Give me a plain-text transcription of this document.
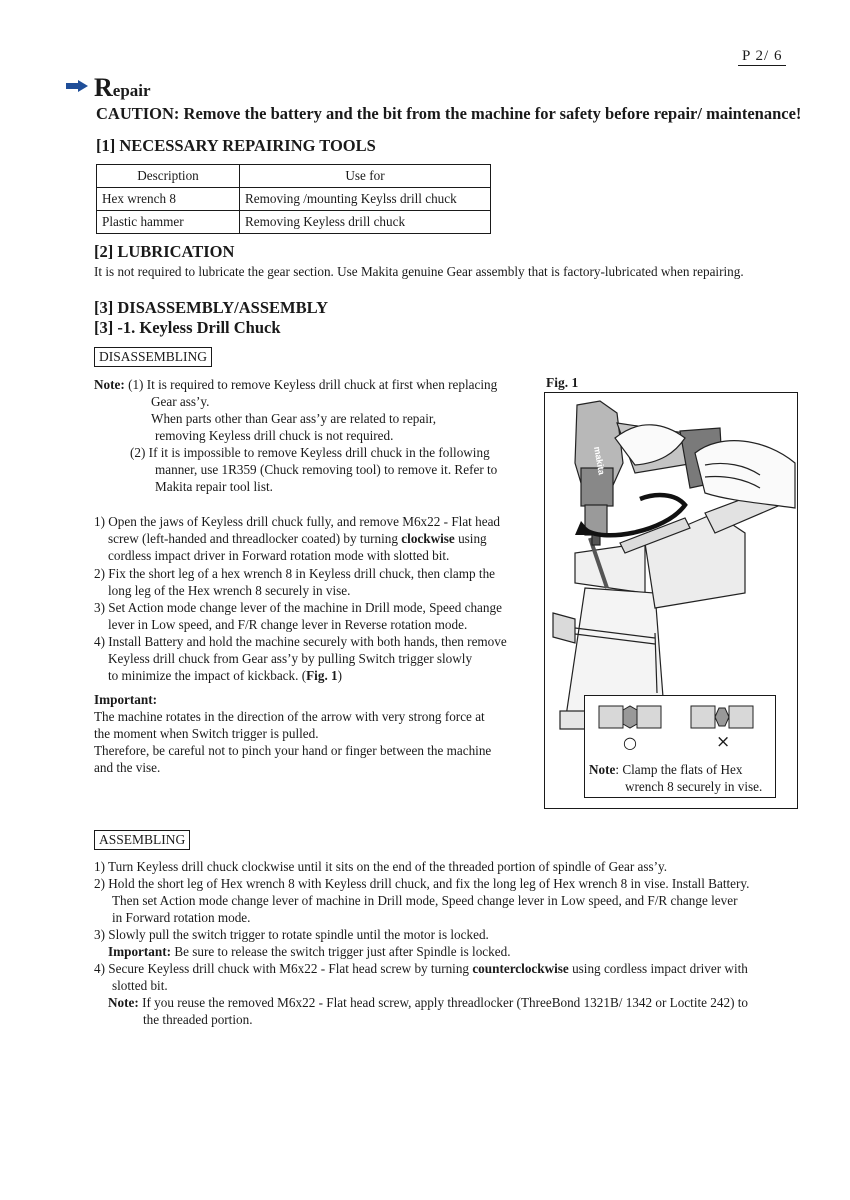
P 2/ 6
Repair
CAUTION: Remove the battery and the bit from the machine for safety before repair/ maintenance!
[1] NECESSARY REPAIRING TOOLS
Description	Use for
Hex wrench 8	Removing /mounting Keylss drill chuck
Plastic hammer	Removing Keyless drill chuck
[2] LUBRICATION
It is not required to lubricate the gear section. Use Makita genuine Gear assembly that is factory-lubricated when repairing.
[3] DISASSEMBLY/ASSEMBLY
[3] -1. Keyless Drill Chuck
DISASSEMBLING
Note: (1) It is required to remove Keyless drill chuck at first when replacing
Gear ass’y.
When parts other than Gear ass’y are related to repair,
removing Keyless drill chuck is not required.
(2) If it is impossible to remove Keyless drill chuck in the following
manner, use 1R359 (Chuck removing tool) to remove it. Refer to
Makita repair tool list.
1) Open the jaws of Keyless drill chuck fully, and remove M6x22 - Flat head
screw (left-handed and threadlocker coated) by turning clockwise using
cordless impact driver in Forward rotation mode with slotted bit.
2) Fix the short leg of a hex wrench 8 in Keyless drill chuck, then clamp the
long leg of the Hex wrench 8 securely in vise.
3) Set Action mode change lever of the machine in Drill mode, Speed change
lever in Low speed, and F/R change lever in Reverse rotation mode.
4) Install Battery and hold the machine securely with both hands, then remove
Keyless drill chuck from Gear ass’y by pulling Switch trigger slowly
to minimize the impact of kickback. (Fig. 1)
Important:
The machine rotates in the direction of the arrow with very strong force at
the moment when Switch trigger is pulled.
Therefore, be careful not to pinch your hand or finger between the machine
and the vise.
Fig. 1
makita
○	×
Note: Clamp the flats of Hex
wrench 8 securely in vise.
ASSEMBLING
1) Turn Keyless drill chuck clockwise until it sits on the end of the threaded portion of spindle of Gear ass’y.
2) Hold the short leg of Hex wrench 8 with Keyless drill chuck, and fix the long leg of Hex wrench 8 in vise. Install Battery.
Then set Action mode change lever of machine in Drill mode, Speed change lever in Low speed, and F/R change lever
in Forward rotation mode.
3) Slowly pull the switch trigger to rotate spindle until the motor is locked.
Important: Be sure to release the switch trigger just after Spindle is locked.
4) Secure Keyless drill chuck with M6x22 - Flat head screw by turning counterclockwise using cordless impact driver with
slotted bit.
Note: If you reuse the removed M6x22 - Flat head screw, apply threadlocker (ThreeBond 1321B/ 1342 or Loctite 242) to
the threaded portion.
